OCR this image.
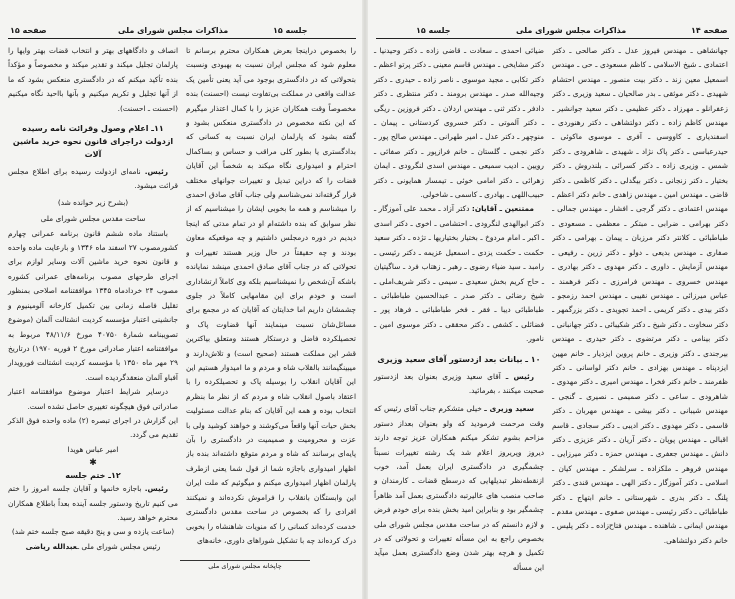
صفحه ۱۵	مذاکرات مجلس شورای ملی	جلسه ۱۵

را بخصوص دراینجا بعرض همکاران محترم برسانم تا معلوم شود که مجلس ایران نسبت به بهبودی ونسبت بتحولاتی که در دادگستری بوجود می آید یعنی تأمین یک عدالت واقعی در مملکت بی‌تفاوت نیست (احسنت) بنده مخصوصاً وقت همکاران عزیز را با کمال اعتذار میگیرم که این نکته مخصوص در دادگستری منعکس بشود و گفته بشود که پارلمان ایران نسبت به کسانی که بدادگستری یا بطور کلی مراقب و حساس و بساکمال احترام و امیدواری نگاه میکند به شخصاً این آقایان قضات را که دراین تبدیل و تغییرات جوانهای مختلف قرار گرفته‌اند نمی‌شناسم ولی جناب آقای صادق احمدی را میشناسم و همه ما بخوبی ایشان را میشناسیم که از نظر سوابق که بنده داشته‌ام او در تمام مدتی که اینجا دیدیم در دوره درمجلس داشتیم و چه موقعیکه معاون بودند و چه حقیقتاً در حال وزیر هستند تغییرات و تحولاتی که در جناب آقای صادق احمدی مینشد نمایانده باشکه آن‌شخص را نمیشناسیم بلکه وی کاملاً ارتشاداری است و خودم برای این مقامهایی کاملاً در جلوی چشمشان داریم اما خدایتان که آقایان که در مجمع برای مسائل‌شان نسبت مینمایند آنها قضاوت پاک و تحصیلکرده فاضل و درستکار هستند ومتعلق بیاکترین قشر این مملکت هستند (صحیح است) و تلاش‌دارند و میبینگیمانند بالقلاب شاه و مردم و ما امیدوار هستیم این این آقایان انقلاب را بوسیله پاک و تحصیلکرده را با اعتقاد باصول انقلاب شاه و مردم که از نظر ما بنظرم انتخاب بوده و همه این آقایان که بنام عدالت مسئولیت بخش حیات آنها واقعاً می‌کوشند و خواهند کوشید ولی با عزت و محرومیت و صمیمیت در دادگستری را بآن پایه‌ای برسانند که شاه و مردم متوقع داشته‌اند بنده باز

اظهار امیدواری باجازه شما از قول شما یعنی ازطرف پارلمان اظهار امیدواری میکنم و میگوئیم که ملت ایران این وابستگان بانقلاب را فراموش نکرده‌اند و نمیکنند افرادی را که بخصوص در ساحت مقدس دادگستری خدمت کرده‌اند کسانی را که منویات شاهنشاه را بخوبی درک کرده‌اند چه با تشکیل شوراهای داوری، خانه‌های

انصاف و دادگاههای بهتر و انتخاب قضات بهتر وایها را پارلمان تجلیل میکند و تقدیر میکند و مخصوصاً و مؤکداً بنده تأکید میکنم که در دادگستری منعکس بشود که ما از آنها تجلیل و تکریم میکنیم و بآنها بااحید نگاه میکنیم (احسنت ـ احسنت).

۱۱ـ اعلام وصول وقرائت نامه رسیده ازدولت دراجرای قانون نحوه خرید ماشین آلات

رئیس. نامه‌ای ازدولت رسیده برای اطلاع مجلس قرائت میشود.

(بشرح زیر خوانده شد)

ساحت مقدس مجلس شورای ملی

باستناد ماده ششم قانون برنامه عمرانی چهارم کشورمصوب ۲۷ اسفند ماه ۱۳۴۶ و بارعایت ماده واحده و قانون نحوه خرید ماشین آلات وسایر لوازم برای اجرای طرحهای مصوب برنامه‌های عمرانی کشوره مصوب ۲۴ خردادماه ۱۳۴۵ موافقتنامه اصلاحی بمنظور تقلیل فاصله زمانی بین تکمیل کارخانه آلومینیوم و جانشینی اعتبار مؤسسه کردیت انشتالت آلمان (موضوع تصویبنامه شمارهٔ ۴۰۷۵۰ مورخ ۴۸/۱۱/۶ مربوط به موافقتنامه اعتبار صادراتی مورخ ۲ فوریه ۱۹۷۰) درتاریخ ۲۹ مهر ماه ۱۳۵۰ با مؤسسه کردیت انشتالت فورویدار آفباو آلمان منعقدگردیده است.

درسایر شرایط اعتبار موضوع موافقتنامه اعتبار صادراتی فوق هیچگونه تغییری حاصل نشده است.

این گزارش در اجرای تبصره (۲) ماده واحده فوق الذکر تقدیم می گردد.

امیر عباس هویدا

✱

۱۲ـ ختم جلسه

رئیس. باجازه خانمها و آقایان جلسه امروز را ختم می کنیم تاریخ ودستور جلسه آینده بعداً باطلاع همکاران محترم خواهد رسید.

(ساعت یازده و سی و پنج دقیقه صبح جلسه ختم شد)

رئیس مجلس شورای ملی ـعبدالله ریاضی

چاپخانه مجلس شورای ملی
جلسه ۱۵	مذاکرات مجلس شورای ملی	صفحه ۱۴

جهانشاهی ـ مهندس فیروز عدل ـ دکتر صالحی ـ دکتر اعتمادی ـ شیخ الاسلامی ـ کاظم مسعودی ـ حی ـ مهندس اسمعیل معین زند ـ دکتر بیت منصور ـ مهندس احتشام شهیدی ـ دکتر موثقی ـ بدر صالحیان ـ سعید وزیری ـ دکتر زعفرانلو ـ مهرزاد ـ دکتر عظیمی ـ دکتر سعید جوانشیر ـ مهندس کاظم زاده ـ دکتر دولتشاهی ـ دکتر رهنوردی ـ اسفندیاری ـ کاووسی ـ آفری ـ موسوی ماکوئی ـ حیدرعباسی ـ دکتر پاک نژاد ـ شهیدی ـ شاهرودی ـ دکتر شمس ـ وزیری زاده ـ دکتر کسرائی ـ بلندروش ـ دکتر بختیار ـ دکتر زنجانی ـ دکتر بیگدلی ـ دکتر کاظمی ـ دکتر قاضی ـ مهندس امین ـ مهندس زاهدی ـ خانم دکتر اعظم ـ مهندس اعتمادی ـ دکتر گرجی ـ افشار ـ مهندس جمالی ـ دکتر بهرامی ـ ضرابی ـ مبتکر ـ معظمی ـ مسعودی ـ طباطبائی ـ کلانتر دکتر مرزبان ـ پیمان ـ بهرامی ـ دکتر صفاری ـ مهندس بدیعی ـ دولو ـ دکتر زرین ـ رفیعی ـ مهندس آزمایش ـ داوری ـ دکتر مهدوی ـ دکتر بهادری ـ مهندس خسروی ـ مهندس فرامرزی ـ دکتر فرهمند ـ عباس میرزائی ـ مهندس نقیبی ـ مهندس احمد رزمجو ـ دکتر بیدی ـ دکتر کریمی ـ احمد تجویدی ـ دکتر بزرگمهر ـ دکتر سخاوت ـ دکتر شیخ ـ دکتر شکیبائی ـ دکتر جهانبانی ـ دکتر بینامی ـ دکتر مرتضوی ـ دکتر حیدری ـ مهندس بیرجندی ـ دکتر وزیری ـ خانم پروین ایزدیار ـ خانم مهین ایزدپناه ـ مهندس بهزادی ـ خانم دکتر لواسانی ـ دکتر ظفرمند ـ خانم دکتر فخرا ـ مهندس امیری ـ دکتر مهدوی ـ شاهرودی ـ ساعی ـ دکتر صمیمی ـ نصیری ـ گنجی ـ مهندس شیبانی ـ دکتر بیشی ـ مهندس مهربان ـ دکتر قاسمی ـ دکتر مهدوی ـ دکتر ادیبی ـ دکتر سجادی ـ قاسم اقبالی ـ مهندس پوپان ـ دکتر آریان ـ دکتر عزیزی ـ دکتر دانش ـ مهندس جعفری ـ مهندس حمزه ـ دکتر میرزایی ـ مهندس فروهر ـ ملکزاده ـ سرلشکر ـ مهندس کیان ـ اسلامی ـ دکتر آموزگار ـ دکتر الهی ـ مهندس قندی ـ دکتر پلنگ ـ دکتر بدری ـ شهرستانی ـ خانم ابتهاج ـ دکتر طباطبائی ـ دکتر رئیسی ـ مهندس صفوی ـ مهندس مقدم ـ مهندس ایمانی ـ شاهنده ـ مهندس فتاح‌زاده ـ دکتر پلیس ـ خانم دکتر دولتشاهی.

ضیائی احمدی ـ سعادت ـ قاضی زاده ـ دکتر وحیدنیا ـ دکتر مشایخی ـ مهندس قاسم معینی ـ دکتر پرتو اعظم ـ دکتر تکابی ـ مجید موسوی ـ ناصر زاده ـ حیدری ـ دکتر وجیه‌الله صدر ـ مهندس برومند ـ دکتر منتظری ـ دکتر دادفر ـ دکتر ثنی ـ مهندس اردلان ـ دکتر فروزین ـ ریگی ـ دکتر آلموتی ـ دکتر خسروی کردستانی ـ پیمان ـ منوچهر ـ دکتر عدل ـ امیر طهرانی ـ مهندس صالح پور ـ دکتر نجمی ـ گلستان ـ خانم فرازپور ـ دکتر صفائی ـ رویین ـ ادیب سمیعی ـ مهندس اسدی لنگرودی ـ ایمان زهرائی ـ دکتر امامی خوئی ـ تیمسار همایونی ـ دکتر حبیب‌اللهی ـ بهادری ـ کاسمی ـ شاخولی.

ممتنعین ـ آقایان: دکتر آزاد ـ محمد علی آموزگار ـ دکتر ابوالهدی لنگرودی ـ احتشامی ـ اخوی ـ دکتر اسدی ـ اکبر ـ امام مردوخ ـ بختیار بختیاریها ـ تژده ـ دکتر سعید حکمت ـ حکمت یزدی ـ اسمعیل عزیمه ـ دکتر رئیسی ـ رامبد ـ سید ضیاء رضوی ـ رهبر ـ زهتاب فرد ـ ساگیتیان ـ حاج کریم بخش سعیدی ـ سیمی ـ دکتر شریف‌املی ـ شیخ رضائی ـ دکتر صدر ـ عبدالحسین طباطبائی ـ طباطبائی دیبا ـ فقر ـ فخر طباطبائی ـ فرهاد پور ـ فضائلی ـ کشفی ـ دکتر محققی ـ دکتر موسوی امین ـ نامور.

۱۰ ـ بیانات بعد ازدستور آقای سعید وزیری

رئیس ـ آقای سعید وزیری بعنوان بعد ازدستور صحبت میکنند ، بفرمائید.

سعید وزیری ـ خیلی متشکرم جناب آقای رئیس که وقت مرحمت فرمودید که ولو بعنوان بعداز دستور مزاحم بشوم تشکر میکنم همکاران عزیز توجه دارند دیروز وپریروز اعلام شد یک رشته تغییرات نسبتاً چشمگیری در دادگستری ایران بعمل آمد، خوب ازنقطه‌نظر تبدیلهایی که درسطح قضات ـ کارمندان و صاحب منصب های عالیرتبه دادگستری بعمل آمد ظاهراً چشمگیر بود و بنابراین امید بخش بنده برای خودم فرض و لازم دانستم که در ساحت مقدس مجلس شورای ملی بخصوص راجع به این مسأله تغییرات و تحولاتی که در تکمیل و هرچه بهتر شدن وضع دادگستری بعمل میآید این مسأله
